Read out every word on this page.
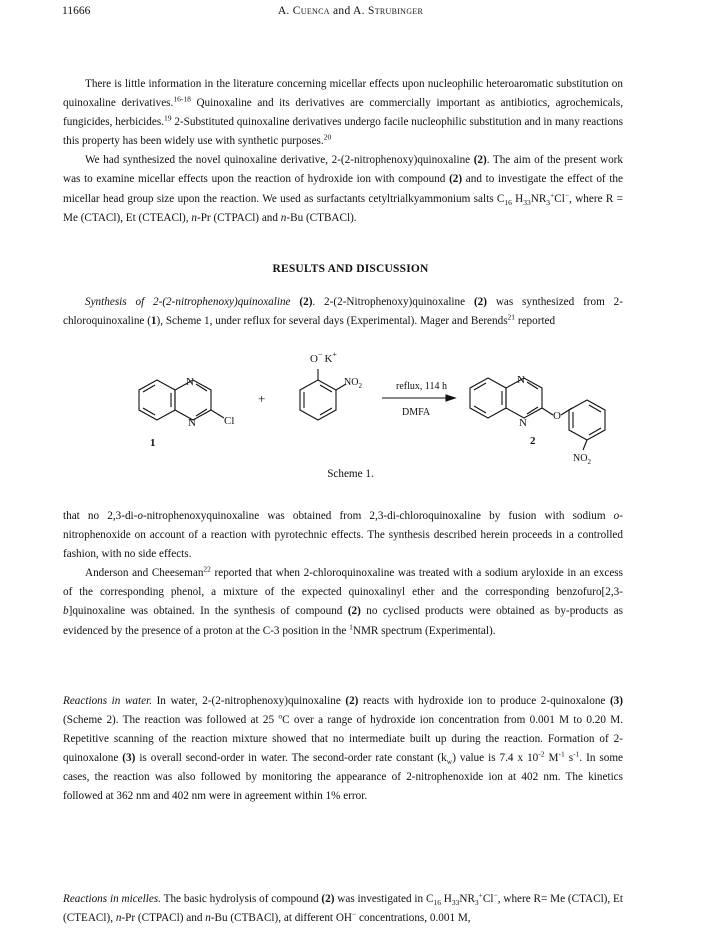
11666	A. Cuenca and A. Strubinger

There is little information in the literature concerning micellar effects upon nucleophilic heteroaromatic substitution on quinoxaline derivatives.$^{16-18}$ Quinoxaline and its derivatives are commercially important as antibiotics, agrochemicals, fungicides, herbicides.$^{19}$ 2-Substituted quinoxaline derivatives undergo facile nucleophilic substitution and in many reactions this property has been widely use with synthetic purposes.$^{20}$

We had synthesized the novel quinoxaline derivative, 2-(2-nitrophenoxy)quinoxaline (2). The aim of the present work was to examine micellar effects upon the reaction of hydroxide ion with compound (2) and to investigate the effect of the micellar head group size upon the reaction. We used as surfactants cetyltrialkyammonium salts $C_{16}$ $H_{33}NR_3^+Cl^-$, where R = Me (CTACl), Et (CTEACl), n-Pr (CTPACl) and n-Bu (CTBACl).

RESULTS AND DISCUSSION

Synthesis of 2-(2-nitrophenoxy)quinoxaline (2). 2-(2-Nitrophenoxy)quinoxaline (2) was synthesized from 2-chloroquinoxaline (1), Scheme 1, under reflux for several days (Experimental). Mager and Berends$^{21}$ reported

N
N	Cl
+
O− K+
$NO_2$	reflux, 114 h
DMFA
N
N
O
$NO_2$
1	2
Scheme 1.

that no 2,3-di-o-nitrophenoxyquinoxaline was obtained from 2,3-di-chloroquinoxaline by fusion with sodium o-nitrophenoxide on account of a reaction with pyrotechnic effects. The synthesis described herein proceeds in a controlled fashion, with no side effects.

Anderson and Cheeseman$^{22}$ reported that when 2-chloroquinoxaline was treated with a sodium aryloxide in an excess of the corresponding phenol, a mixture of the expected quinoxalinyl ether and the corresponding benzofuro[2,3-b]quinoxaline was obtained. In the synthesis of compound (2) no cyclised products were obtained as by-products as evidenced by the presence of a proton at the C-3 position in the $^1$NMR spectrum (Experimental).

Reactions in water. In water, 2-(2-nitrophenoxy)quinoxaline (2) reacts with hydroxide ion to produce 2-quinoxalone (3) (Scheme 2). The reaction was followed at 25 $^o$C over a range of hydroxide ion concentration from 0.001 M to 0.20 M. Repetitive scanning of the reaction mixture showed that no intermediate built up during the reaction. Formation of 2-quinoxalone (3) is overall second-order in water. The second-order rate constant $(k_w)$ value is 7.4 x $10^{-2}$ $M^{-1}$ $s^{-1}$. In some cases, the reaction was also followed by monitoring the appearance of 2-nitrophenoxide ion at 402 nm. The kinetics followed at 362 nm and 402 nm were in agreement within 1% error.

Reactions in micelles. The basic hydrolysis of compound (2) was investigated in $C_{16}$ $H_{33}NR_3^+Cl^-$, where R= Me (CTACl), Et (CTEACl), n-Pr (CTPACl) and n-Bu (CTBACl), at different OH− concentrations, 0.001 M,
